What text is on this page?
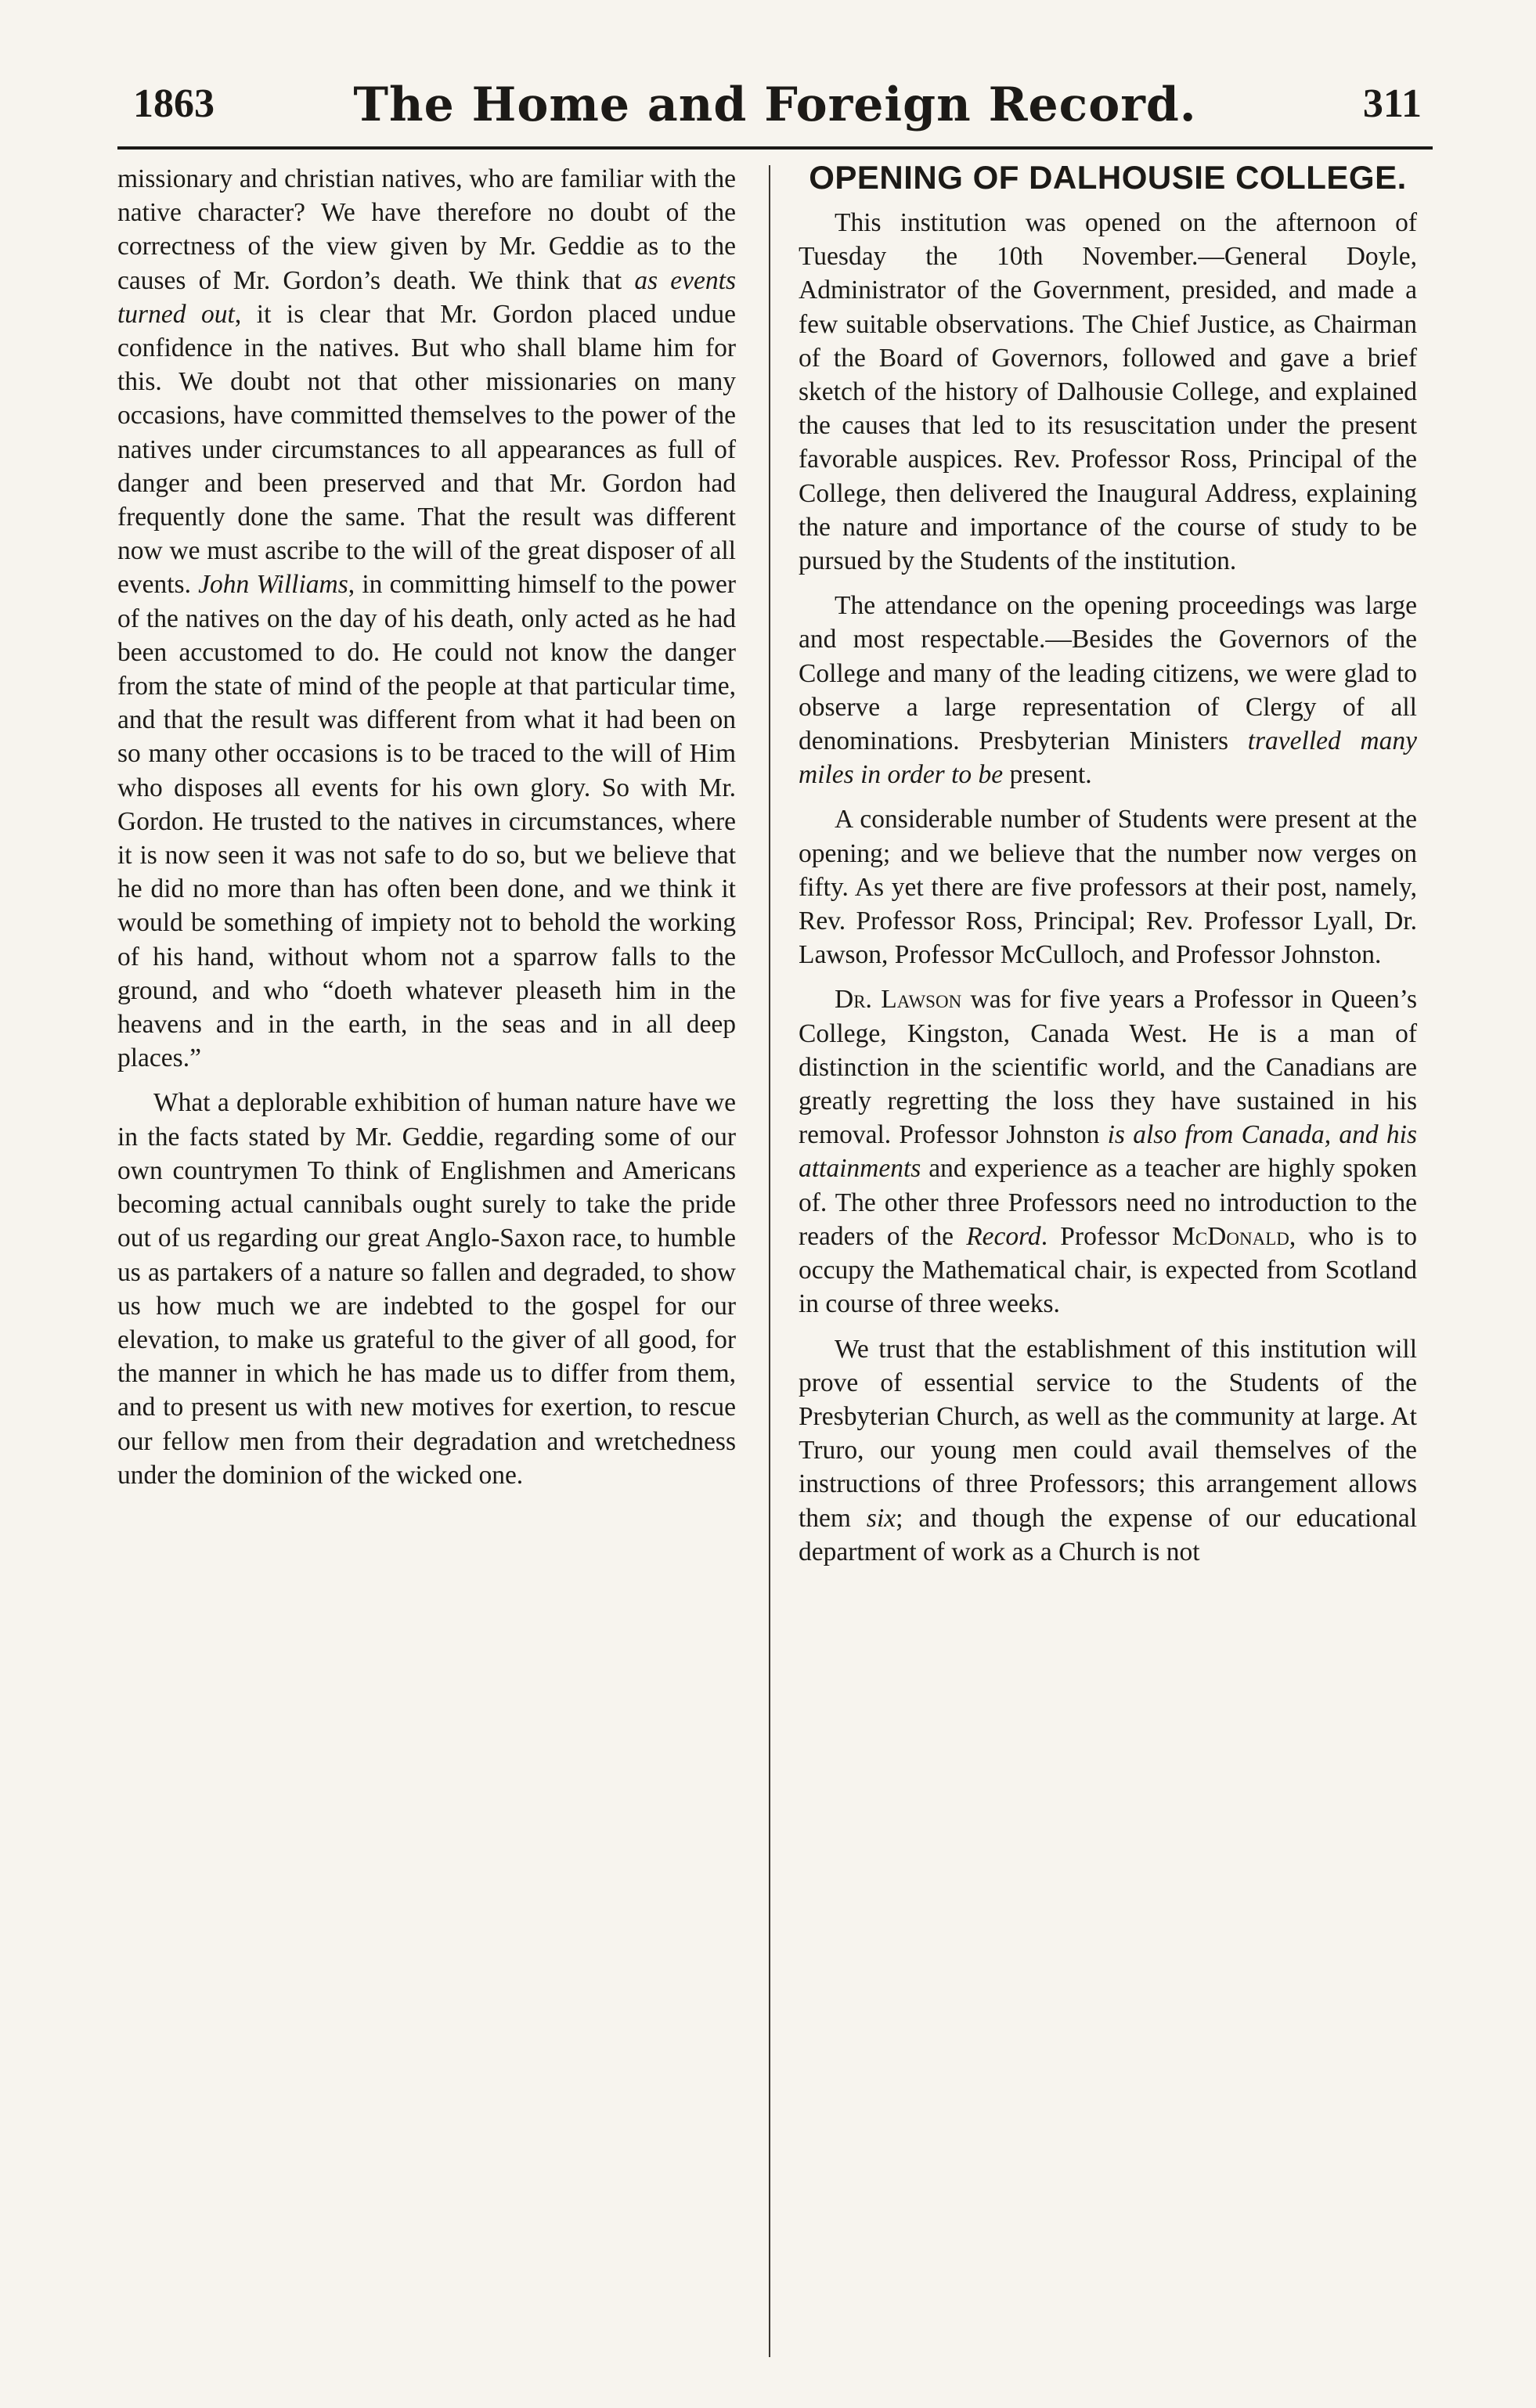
1863	The Home and Foreign Record.	311

missionary and christian natives, who are familiar with the native character? We have therefore no doubt of the correctness of the view given by Mr. Geddie as to the causes of Mr. Gordon’s death. We think that as events turned out, it is clear that Mr. Gordon placed undue confidence in the natives. But who shall blame him for this. We doubt not that other missionaries on many occasions, have committed themselves to the power of the natives under circumstances to all appearances as full of danger and been preserved and that Mr. Gordon had frequently done the same. That the result was different now we must ascribe to the will of the great disposer of all events. John Williams, in committing himself to the power of the natives on the day of his death, only acted as he had been accustomed to do. He could not know the danger from the state of mind of the people at that particular time, and that the result was different from what it had been on so many other occasions is to be traced to the will of Him who disposes all events for his own glory. So with Mr. Gordon. He trusted to the natives in circumstances, where it is now seen it was not safe to do so, but we believe that he did no more than has often been done, and we think it would be something of impiety not to behold the working of his hand, without whom not a sparrow falls to the ground, and who “doeth whatever pleaseth him in the heavens and in the earth, in the seas and in all deep places.”

What a deplorable exhibition of human nature have we in the facts stated by Mr. Geddie, regarding some of our own countrymen To think of Englishmen and Americans becoming actual cannibals ought surely to take the pride out of us regarding our great Anglo-Saxon race, to humble us as partakers of a nature so fallen and degraded, to show us how much we are indebted to the gospel for our elevation, to make us grateful to the giver of all good, for the manner in which he has made us to differ from them, and to present us with new motives for exertion, to rescue our fellow men from their degradation and wretchedness under the dominion of the wicked one.

OPENING OF DALHOUSIE COLLEGE.

This institution was opened on the afternoon of Tuesday the 10th November.—General Doyle, Administrator of the Government, presided, and made a few suitable observations. The Chief Justice, as Chairman of the Board of Governors, followed and gave a brief sketch of the history of Dalhousie College, and explained the causes that led to its resuscitation under the present favorable auspices. Rev. Professor Ross, Principal of the College, then delivered the Inaugural Address, explaining the nature and importance of the course of study to be pursued by the Students of the institution.

The attendance on the opening proceedings was large and most respectable.—Besides the Governors of the College and many of the leading citizens, we were glad to observe a large representation of Clergy of all denominations. Presbyterian Ministers travelled many miles in order to be present.

A considerable number of Students were present at the opening; and we believe that the number now verges on fifty. As yet there are five professors at their post, namely, Rev. Professor Ross, Principal; Rev. Professor Lyall, Dr. Lawson, Professor McCulloch, and Professor Johnston.

Dr. Lawson was for five years a Professor in Queen’s College, Kingston, Canada West. He is a man of distinction in the scientific world, and the Canadians are greatly regretting the loss they have sustained in his removal. Professor Johnston is also from Canada, and his attainments and experience as a teacher are highly spoken of. The other three Professors need no introduction to the readers of the Record. Professor McDonald, who is to occupy the Mathematical chair, is expected from Scotland in course of three weeks.

We trust that the establishment of this institution will prove of essential service to the Students of the Presbyterian Church, as well as the community at large. At Truro, our young men could avail themselves of the instructions of three Professors; this arrangement allows them six; and though the expense of our educational department of work as a Church is not
